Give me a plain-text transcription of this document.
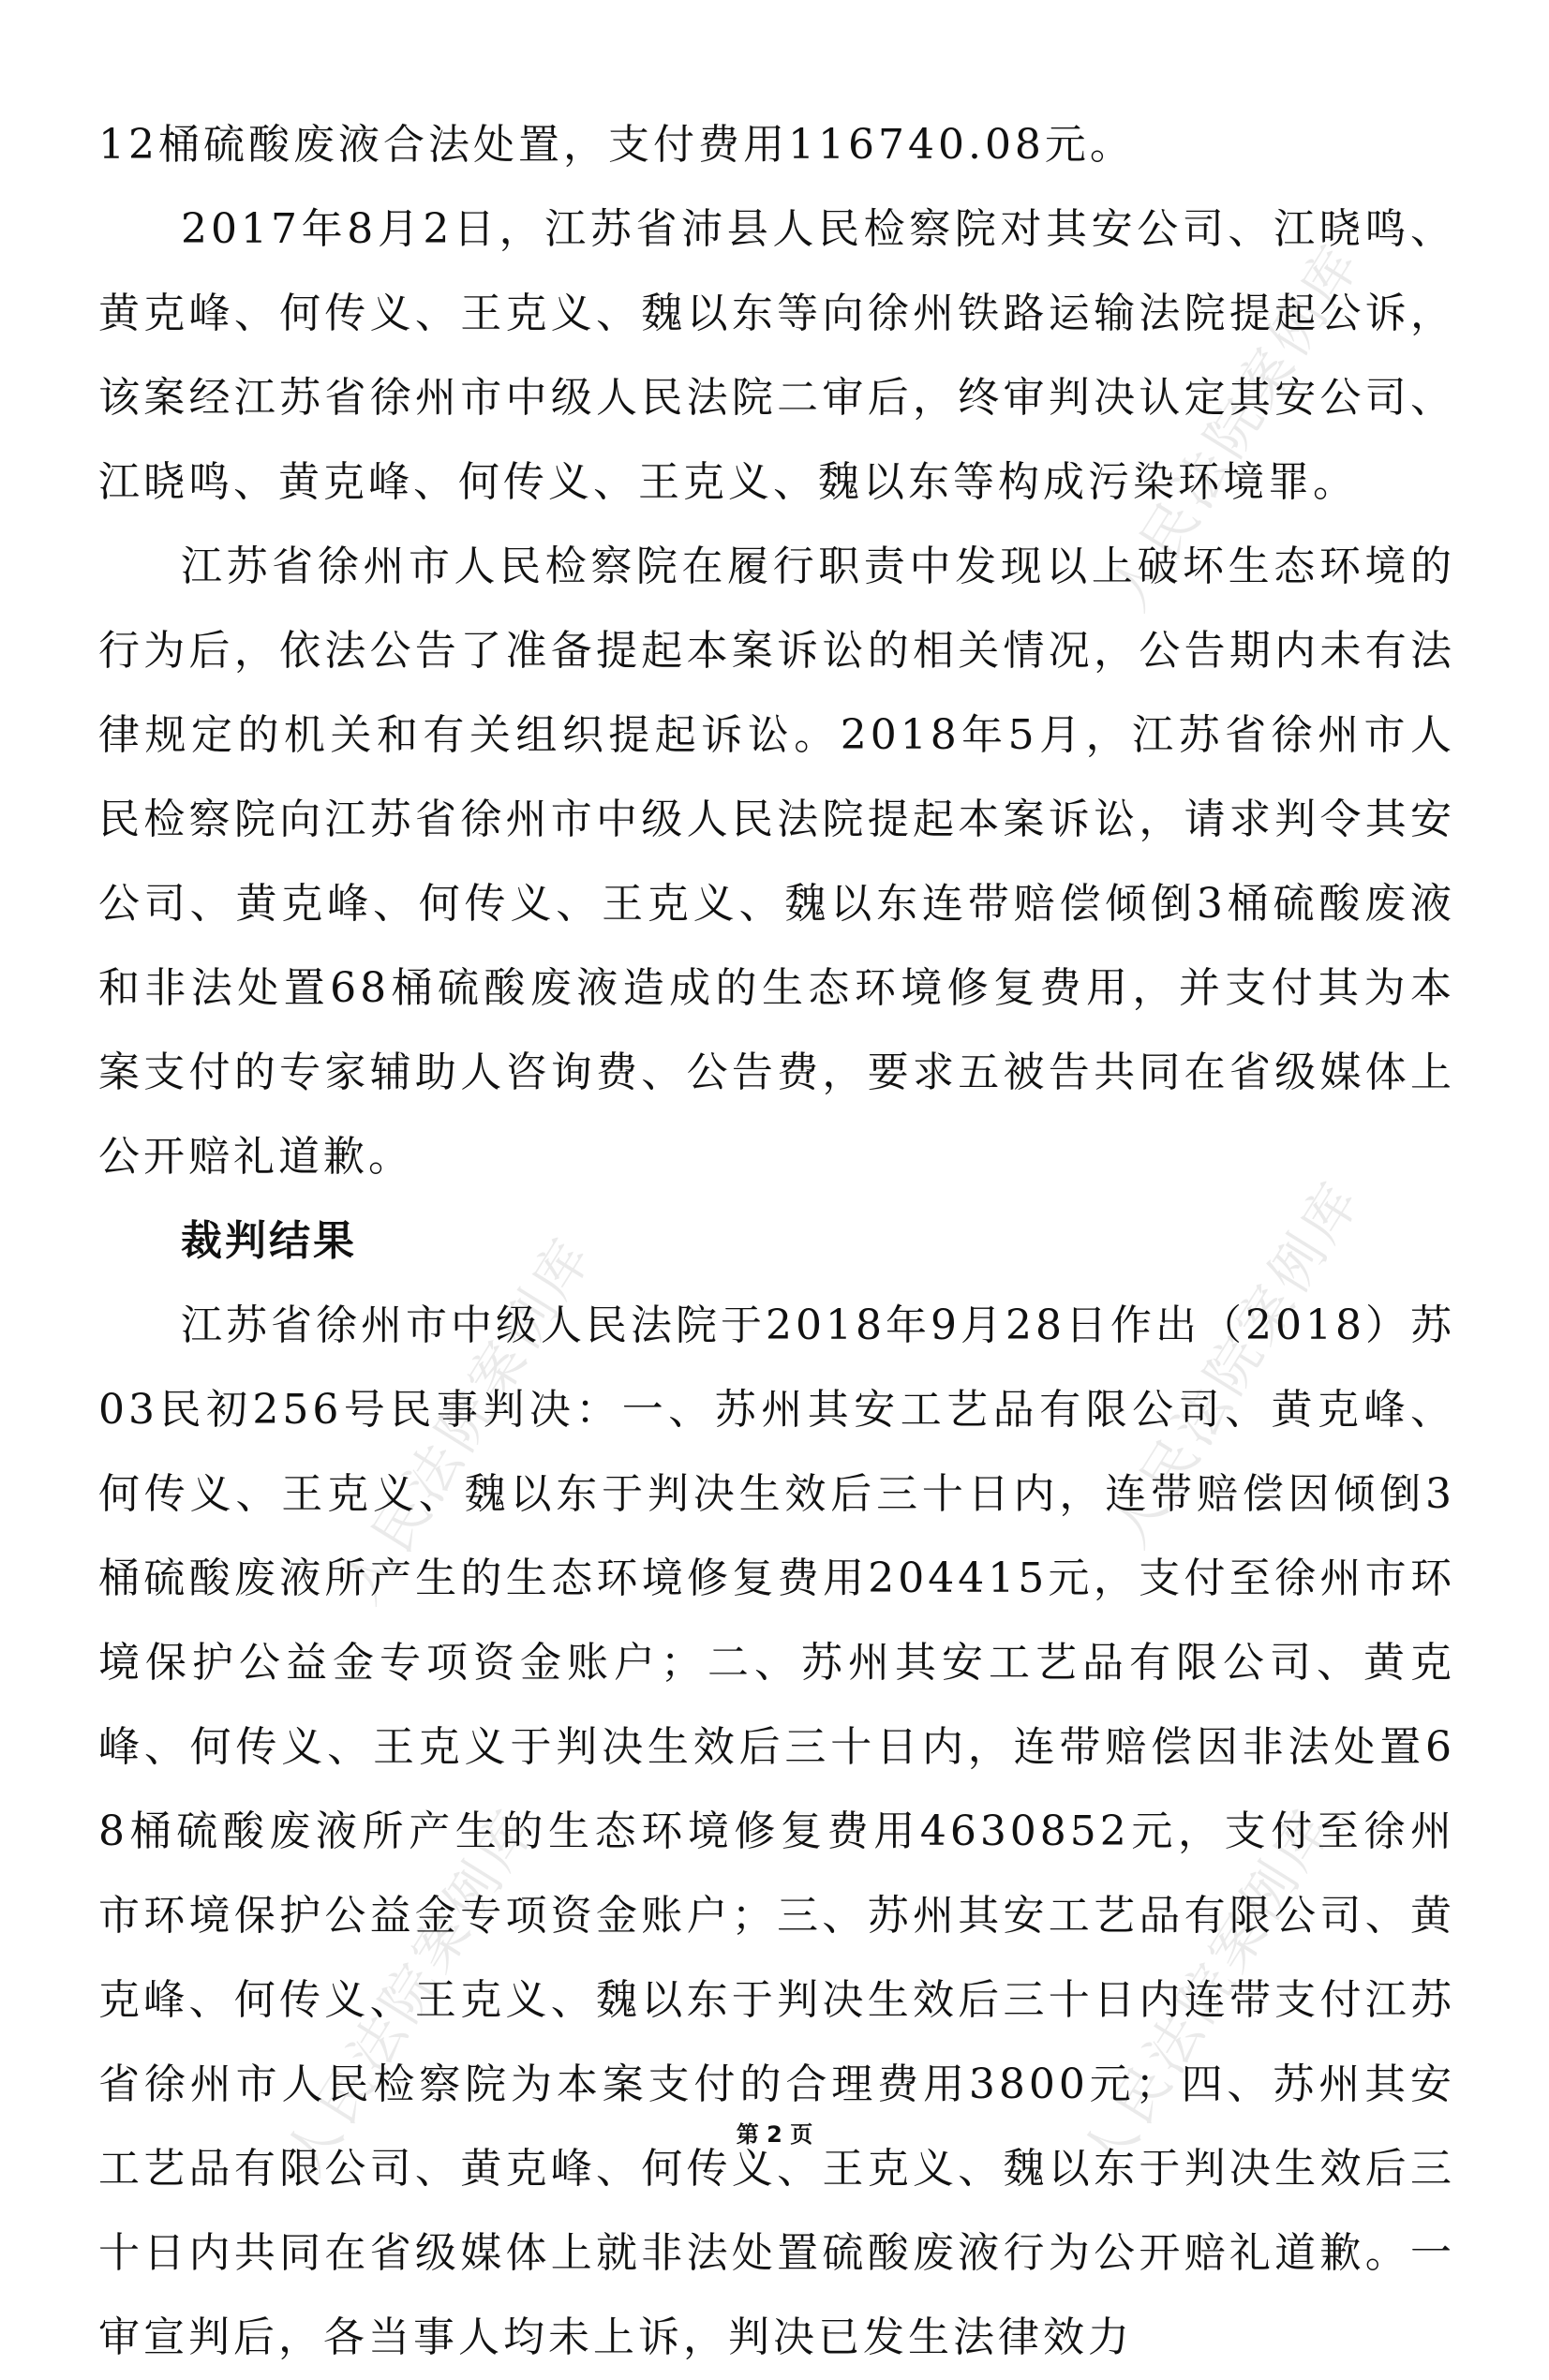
人民法院案例库
人民法院案例库	人民法院案例库
人民法院案例库	人民法院案例库

12桶硫酸废液合法处置，支付费用116740.08元。

2017年8月2日，江苏省沛县人民检察院对其安公司、江晓鸣、黄克峰、何传义、王克义、魏以东等向徐州铁路运输法院提起公诉，该案经江苏省徐州市中级人民法院二审后，终审判决认定其安公司、江晓鸣、黄克峰、何传义、王克义、魏以东等构成污染环境罪。

江苏省徐州市人民检察院在履行职责中发现以上破坏生态环境的行为后，依法公告了准备提起本案诉讼的相关情况，公告期内未有法律规定的机关和有关组织提起诉讼。2018年5月，江苏省徐州市人民检察院向江苏省徐州市中级人民法院提起本案诉讼，请求判令其安公司、黄克峰、何传义、王克义、魏以东连带赔偿倾倒3桶硫酸废液和非法处置68桶硫酸废液造成的生态环境修复费用，并支付其为本案支付的专家辅助人咨询费、公告费，要求五被告共同在省级媒体上公开赔礼道歉。

裁判结果

江苏省徐州市中级人民法院于2018年9月28日作出（2018）苏03民初256号民事判决：一、苏州其安工艺品有限公司、黄克峰、何传义、王克义、魏以东于判决生效后三十日内，连带赔偿因倾倒3桶硫酸废液所产生的生态环境修复费用204415元，支付至徐州市环境保护公益金专项资金账户；二、苏州其安工艺品有限公司、黄克峰、何传义、王克义于判决生效后三十日内，连带赔偿因非法处置68桶硫酸废液所产生的生态环境修复费用4630852元，支付至徐州市环境保护公益金专项资金账户；三、苏州其安工艺品有限公司、黄克峰、何传义、王克义、魏以东于判决生效后三十日内连带支付江苏省徐州市人民检察院为本案支付的合理费用3800元；四、苏州其安工艺品有限公司、黄克峰、何传义、王克义、魏以东于判决生效后三十日内共同在省级媒体上就非法处置硫酸废液行为公开赔礼道歉。一审宣判后，各当事人均未上诉，判决已发生法律效力

第 2 页
